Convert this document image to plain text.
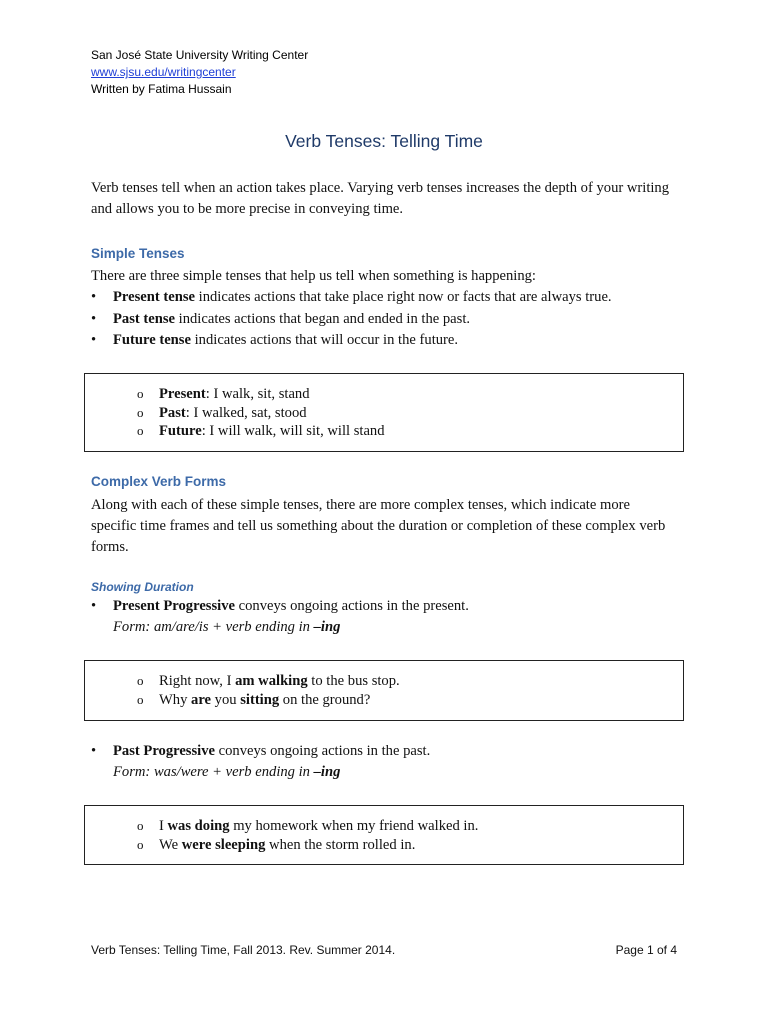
San José State University Writing Center
www.sjsu.edu/writingcenter
Written by Fatima Hussain
Verb Tenses: Telling Time
Verb tenses tell when an action takes place. Varying verb tenses increases the depth of your writing and allows you to be more precise in conveying time.
Simple Tenses
There are three simple tenses that help us tell when something is happening:
• Present tense indicates actions that take place right now or facts that are always true.
• Past tense indicates actions that began and ended in the past.
• Future tense indicates actions that will occur in the future.
o Present: I walk, sit, stand
o Past: I walked, sat, stood
o Future: I will walk, will sit, will stand
Complex Verb Forms
Along with each of these simple tenses, there are more complex tenses, which indicate more specific time frames and tell us something about the duration or completion of these complex verb forms.
Showing Duration
• Present Progressive conveys ongoing actions in the present.
Form: am/are/is + verb ending in –ing
o Right now, I am walking to the bus stop.
o Why are you sitting on the ground?
• Past Progressive conveys ongoing actions in the past.
Form: was/were + verb ending in –ing
o I was doing my homework when my friend walked in.
o We were sleeping when the storm rolled in.
Verb Tenses: Telling Time, Fall 2013. Rev. Summer 2014.	Page 1 of 4
